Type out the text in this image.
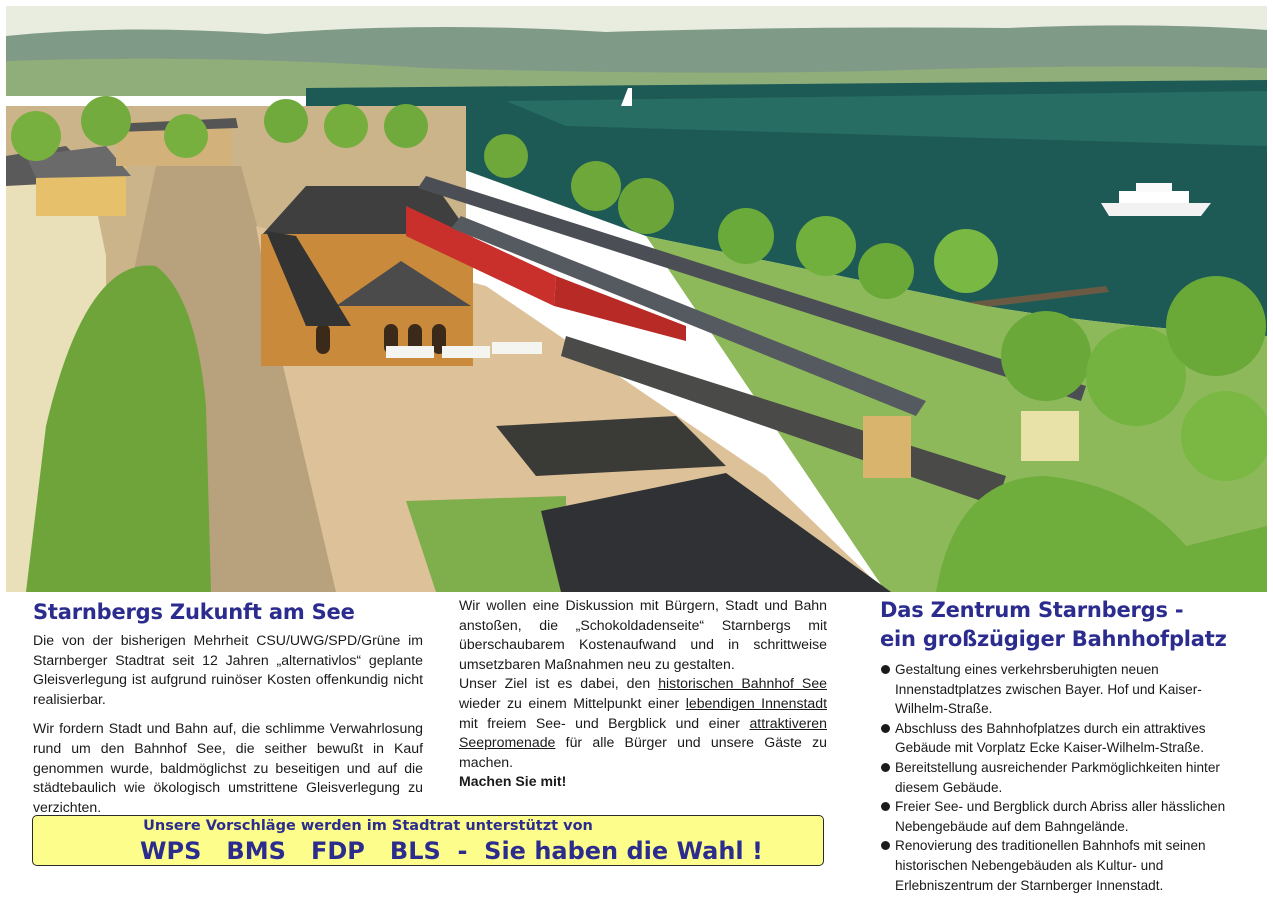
Starnbergs Zukunft am See

Die von der bisherigen Mehrheit CSU/UWG/SPD/Grüne im Starnberger Stadtrat seit 12 Jahren „alternativlos“ geplante Gleisverlegung ist aufgrund ruinöser Kosten offenkundig nicht realisierbar.

Wir fordern Stadt und Bahn auf, die schlimme Verwahrlosung rund um den Bahnhof See, die seither bewußt in Kauf genommen wurde, baldmöglichst zu beseitigen und auf die städtebaulich wie ökologisch umstrittene Gleisverlegung zu verzichten.

Wir wollen eine Diskussion mit Bürgern, Stadt und Bahn anstoßen, die „Schokoldadenseite“ Starnbergs mit überschaubarem Kostenaufwand und in schrittweise umsetzbaren Maßnahmen neu zu gestalten.

Unser Ziel ist es dabei, den historischen Bahnhof See wieder zu einem Mittelpunkt einer lebendigen Innenstadt mit freiem See- und Bergblick und einer attraktiveren Seepromenade für alle Bürger und unsere Gäste zu machen.

Machen Sie mit!

Das Zentrum Starnbergs -
ein großzügiger Bahnhofplatz
Gestaltung eines verkehrsberuhigten neuen Innenstadtplatzes zwischen Bayer. Hof und Kaiser-Wilhelm-Straße.
Abschluss des Bahnhofplatzes durch ein attraktives Gebäude mit Vorplatz Ecke Kaiser-Wilhelm-Straße.
Bereitstellung ausreichender Parkmöglichkeiten hinter diesem Gebäude.
Freier See- und Bergblick durch Abriss aller hässlichen Nebengebäude auf dem Bahngelände.
Renovierung des traditionellen Bahnhofs mit seinen historischen Nebengebäuden als Kultur- und Erlebniszentrum der Starnberger Innenstadt.
Unsere Vorschläge werden im Stadtrat unterstützt von
WPS   BMS   FDP   BLS  -  Sie haben die Wahl !
